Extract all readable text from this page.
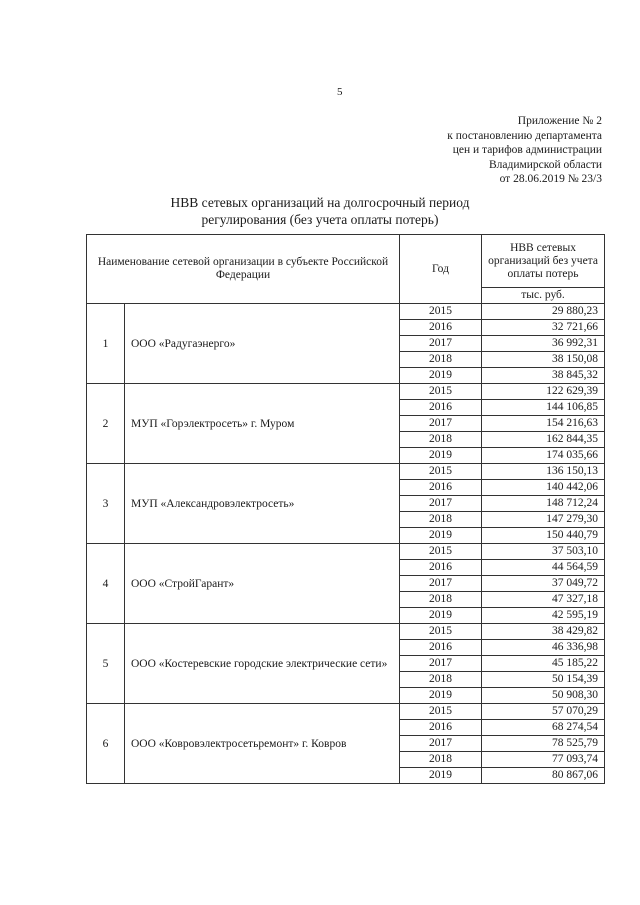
5
Приложение № 2
к постановлению департамента
цен и тарифов администрации
Владимирской области
от 28.06.2019 № 23/3
НВВ сетевых организаций на долгосрочный период
регулирования (без учета оплаты потерь)
Наименование сетевой организации в субъекте Российской Федерации		Год	НВВ сетевых организаций без учета оплаты потерь
			тыс. руб.
1	ООО «Радугаэнерго»	2015	29 880,23
		2016	32 721,66
		2017	36 992,31
		2018	38 150,08
		2019	38 845,32
2	МУП «Горэлектросеть» г. Муром	2015	122 629,39
		2016	144 106,85
		2017	154 216,63
		2018	162 844,35
		2019	174 035,66
3	МУП «Александровэлектросеть»	2015	136 150,13
		2016	140 442,06
		2017	148 712,24
		2018	147 279,30
		2019	150 440,79
4	ООО «СтройГарант»	2015	37 503,10
		2016	44 564,59
		2017	37 049,72
		2018	47 327,18
		2019	42 595,19
5	ООО «Костеревские городские электрические сети»	2015	38 429,82
		2016	46 336,98
		2017	45 185,22
		2018	50 154,39
		2019	50 908,30
6	ООО «Ковровэлектросетьремонт» г. Ковров	2015	57 070,29
		2016	68 274,54
		2017	78 525,79
		2018	77 093,74
		2019	80 867,06
